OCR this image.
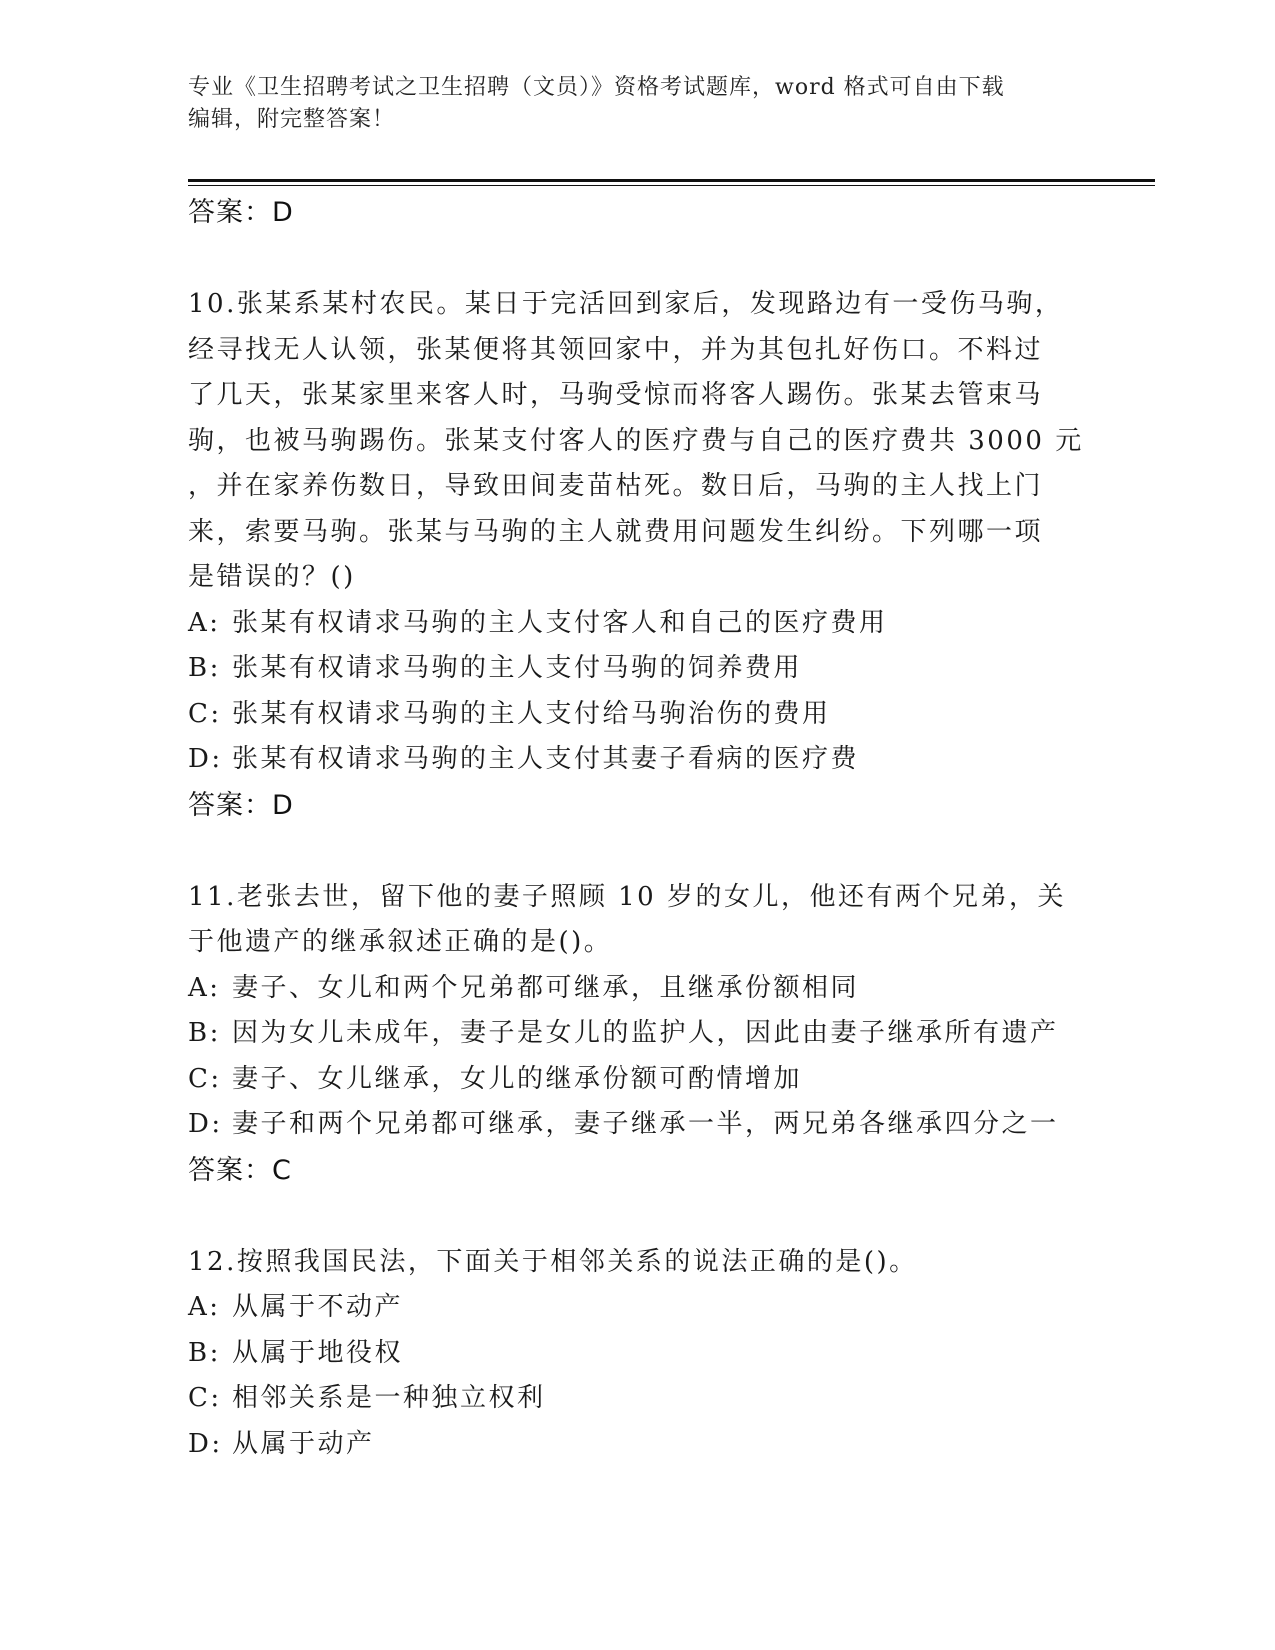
专业《卫生招聘考试之卫生招聘（文员）》资格考试题库，word 格式可自由下载
编辑，附完整答案！

答案：D

10.张某系某村农民。某日于完活回到家后，发现路边有一受伤马驹，

经寻找无人认领，张某便将其领回家中，并为其包扎好伤口。不料过

了几天，张某家里来客人时，马驹受惊而将客人踢伤。张某去管束马

驹，也被马驹踢伤。张某支付客人的医疗费与自己的医疗费共 3000 元

，并在家养伤数日，导致田间麦苗枯死。数日后，马驹的主人找上门

来，索要马驹。张某与马驹的主人就费用问题发生纠纷。下列哪一项

是错误的？()

A: 张某有权请求马驹的主人支付客人和自己的医疗费用

B: 张某有权请求马驹的主人支付马驹的饲养费用

C: 张某有权请求马驹的主人支付给马驹治伤的费用

D: 张某有权请求马驹的主人支付其妻子看病的医疗费

答案：D

11.老张去世，留下他的妻子照顾 10 岁的女儿，他还有两个兄弟，关

于他遗产的继承叙述正确的是()。

A: 妻子、女儿和两个兄弟都可继承，且继承份额相同

B: 因为女儿未成年，妻子是女儿的监护人，因此由妻子继承所有遗产

C: 妻子、女儿继承，女儿的继承份额可酌情增加

D: 妻子和两个兄弟都可继承，妻子继承一半，两兄弟各继承四分之一

答案：C

12.按照我国民法，下面关于相邻关系的说法正确的是()。

A: 从属于不动产

B: 从属于地役权

C: 相邻关系是一种独立权利

D: 从属于动产
